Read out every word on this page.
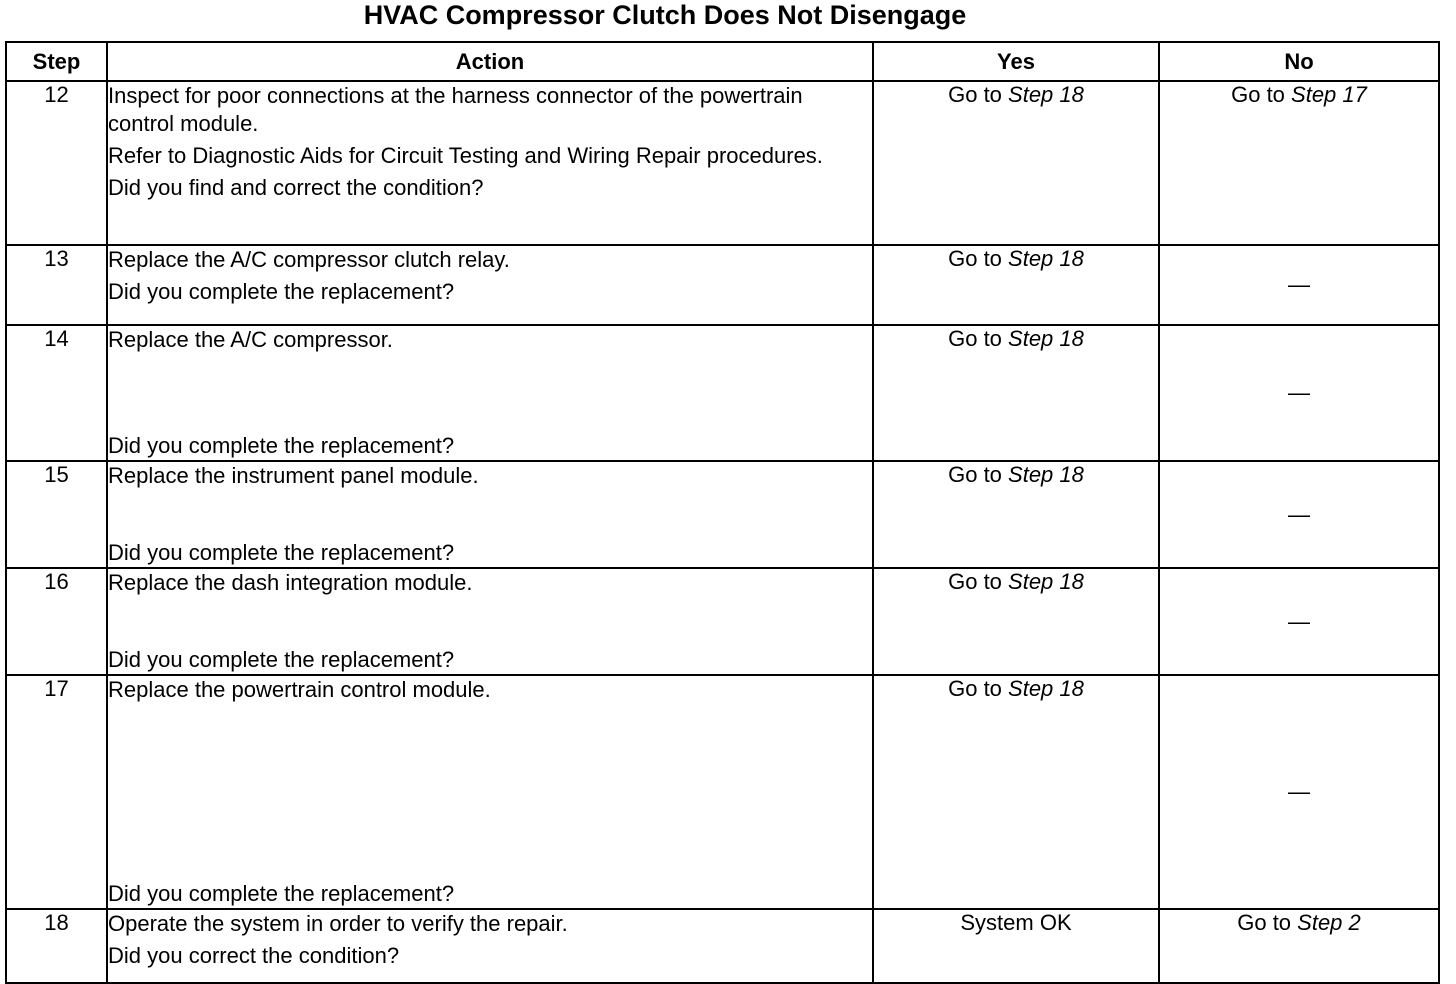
HVAC Compressor Clutch Does Not Disengage
Step	Action	Yes	No
12	Inspect for poor connections at the harness connector of the powertrain control module.
Refer to Diagnostic Aids for Circuit Testing and Wiring Repair procedures.
Did you find and correct the condition?	Go to Step 18	Go to Step 17
13	Replace the A/C compressor clutch relay.
Did you complete the replacement?	Go to Step 18	—
14	Replace the A/C compressor.
Did you complete the replacement?	Go to Step 18	—
15	Replace the instrument panel module.
Did you complete the replacement?	Go to Step 18	—
16	Replace the dash integration module.
Did you complete the replacement?	Go to Step 18	—
17	Replace the powertrain control module.
Did you complete the replacement?	Go to Step 18	—
18	Operate the system in order to verify the repair.
Did you correct the condition?	System OK	Go to Step 2
